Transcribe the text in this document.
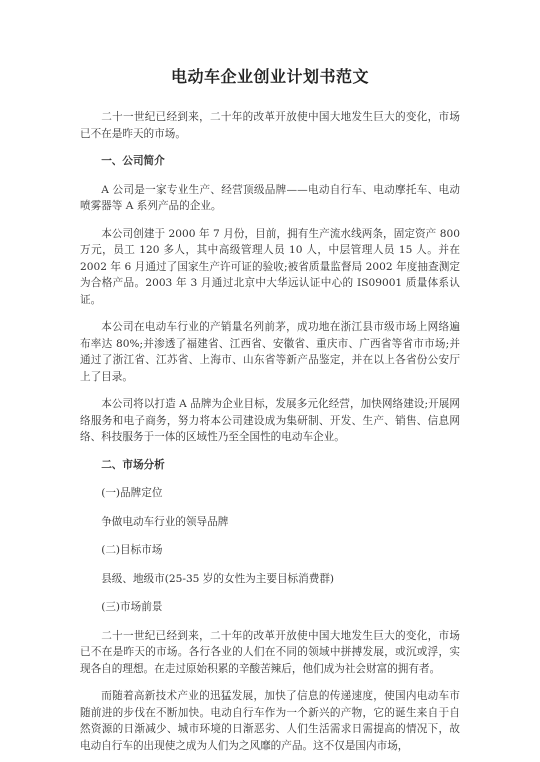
电动车企业创业计划书范文

二十一世纪已经到来，二十年的改革开放使中国大地发生巨大的变化，市场已不在是昨天的市场。

一、公司简介

A 公司是一家专业生产、经营顶级品牌——电动自行车、电动摩托车、电动喷雾器等 A 系列产品的企业。

本公司创建于 2000 年 7 月份，目前，拥有生产流水线两条，固定资产 800 万元，员工 120 多人，其中高级管理人员 10 人，中层管理人员 15 人。并在 2002 年 6 月通过了国家生产许可证的验收;被省质量监督局 2002 年度抽查测定为合格产品。2003 年 3 月通过北京中大华远认证中心的 IS09001 质量体系认证。

本公司在电动车行业的产销量名列前茅，成功地在浙江县市级市场上网络遍布率达 80%;并渗透了福建省、江西省、安徽省、重庆市、广西省等省市市场;并通过了浙江省、江苏省、上海市、山东省等新产品鉴定，并在以上各省份公安厅上了目录。

本公司将以打造 A 品牌为企业目标，发展多元化经营，加快网络建设;开展网络服务和电子商务，努力将本公司建设成为集研制、开发、生产、销售、信息网络、科技服务于一体的区域性乃至全国性的电动车企业。

二、市场分析

(一)品牌定位

争做电动车行业的领导品牌

(二)目标市场

县级、地级市(25-35 岁的女性为主要目标消费群)

(三)市场前景

二十一世纪已经到来，二十年的改革开放使中国大地发生巨大的变化，市场已不在是昨天的市场。各行各业的人们在不同的领域中拼搏发展，或沉或浮，实现各自的理想。在走过原始积累的辛酸苦辣后，他们成为社会财富的拥有者。

而随着高新技术产业的迅猛发展，加快了信息的传递速度，使国内电动车市随前进的步伐在不断加快。电动自行车作为一个新兴的产物，它的诞生来自于自然资源的日渐减少、城市环境的日渐恶劣、人们生活需求日需提高的情况下，故电动自行车的出现使之成为人们为之风靡的产品。这不仅是国内市场，
